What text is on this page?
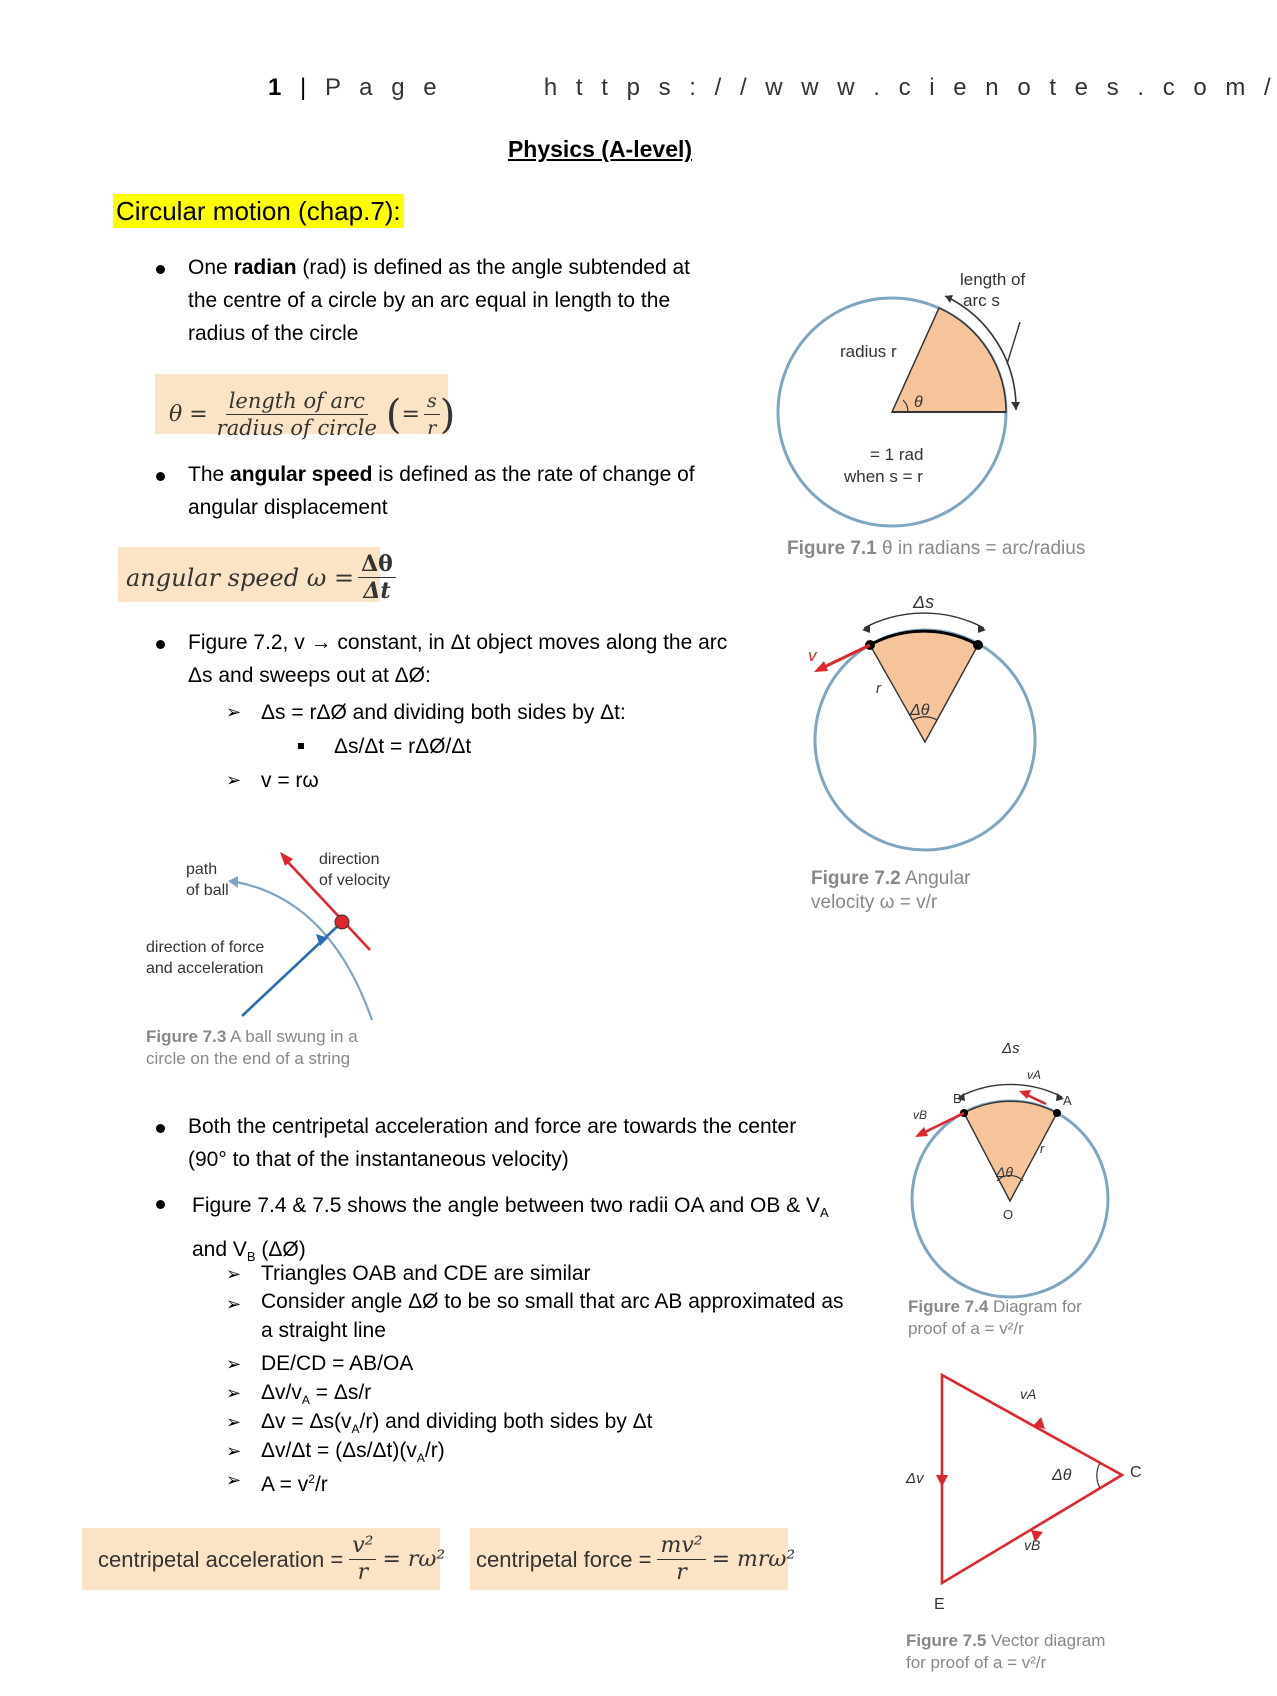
1 | P a g e	h t t p s : / / w w w . c i e n o t e s . c o m /
Physics (A-level)
Circular motion (chap.7):
One radian (rad) is defined as the angle subtended at
the centre of a circle by an arc equal in length to the
radius of the circle
θ =
length of arc
radius of circle ( = $\frac{s}{r}$ )
The angular speed is defined as the rate of change of
angular displacement
angular speed $\omega = \frac{\Delta\theta}{\Delta t}$
Figure 7.2, v → constant, in Δt object moves along the arc
Δs and sweeps out at ΔØ:
➢ Δs = rΔØ and dividing both sides by Δt:
Δs/Δt = rΔØ/Δt
➢ v = rω
Both the centripetal acceleration and force are towards the center
(90° to that of the instantaneous velocity)
Figure 7.4 & 7.5 shows the angle between two radii OA and OB & $V_A$
and $V_B$ (ΔØ)
➢ Triangles OAB and CDE are similar
➢ Consider angle ΔØ to be so small that arc AB approximated as
a straight line
➢ DE/CD = AB/OA
➢ $\Delta v/v_A = \Delta s/r$
➢ $\Delta v = \Delta s(v_A/r)$ and dividing both sides by Δt
➢ $\Delta v/\Delta t = (\Delta s/\Delta t)(v_A/r)$
➢ $A = v^2/r$
centripetal acceleration = $\frac{\text{v²}}{r} = r\omega^2$ centripetal force = $\frac{\text{mv²}}{r} = mr\omega^2$
length of
arc s
radius r
θ
= 1 rad
when s = r
Figure 7.1 θ in radians = arc/radius
Δs
v
r
Δθ
Figure 7.2 Angular
velocity ω = v/r
path
of ball
direction
of velocity
direction of force
and acceleration
Figure 7.3 A ball swung in a
circle on the end of a string
Δs
vA
vB
B	A
r
Δθ
O
Figure 7.4 Diagram for
proof of a = v²/r
vA
Δv	Δθ	C
vB
E
Figure 7.5 Vector diagram
for proof of a = v²/r
